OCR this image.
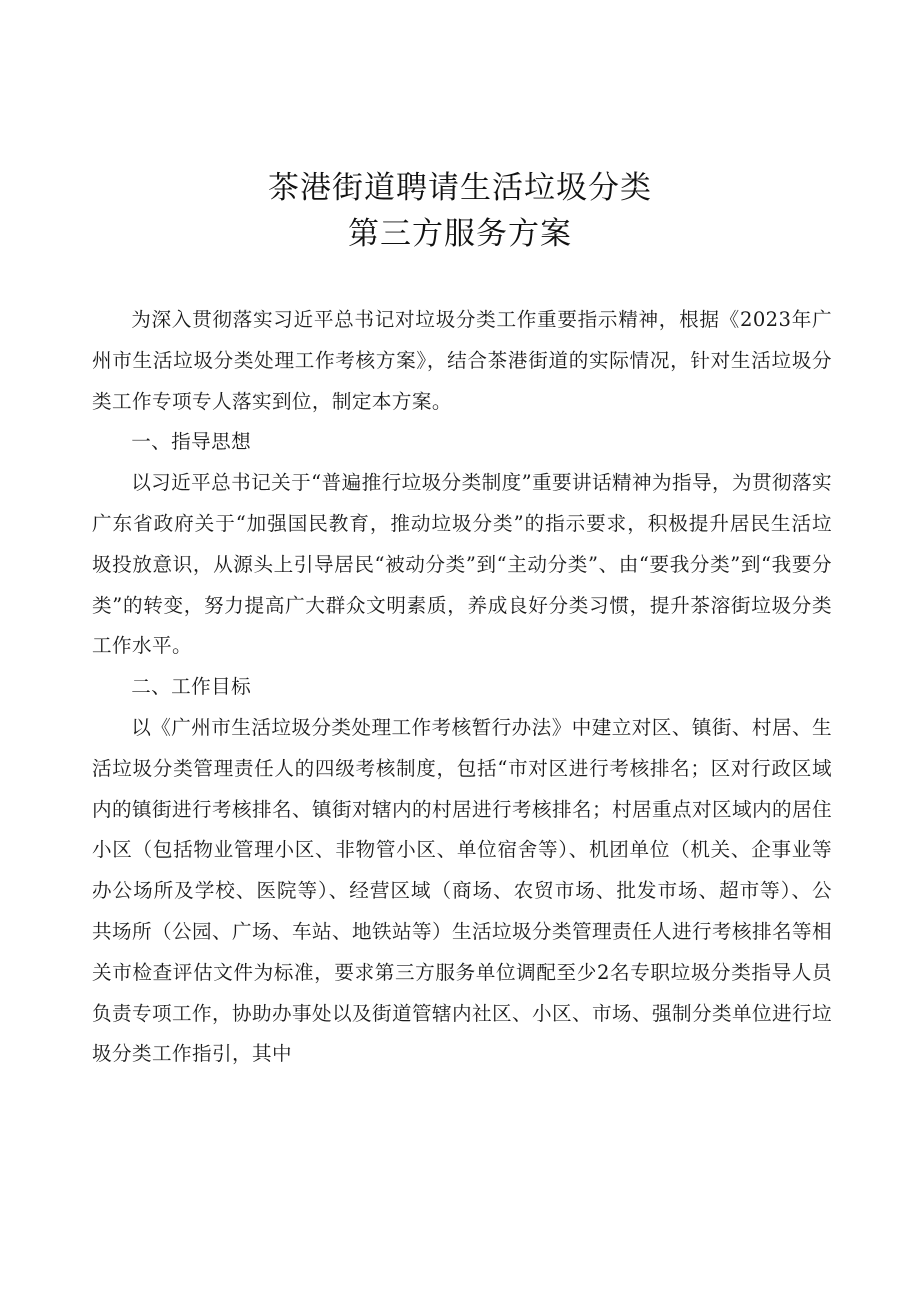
茶港街道聘请生活垃圾分类
第三方服务方案

为深入贯彻落实习近平总书记对垃圾分类工作重要指示精神，根据《2023年广州市生活垃圾分类处理工作考核方案》，结合茶港街道的实际情况，针对生活垃圾分类工作专项专人落实到位，制定本方案。

一、指导思想

以习近平总书记关于“普遍推行垃圾分类制度”重要讲话精神为指导，为贯彻落实广东省政府关于“加强国民教育，推动垃圾分类”的指示要求，积极提升居民生活垃圾投放意识，从源头上引导居民“被动分类”到“主动分类”、由“要我分类”到“我要分类”的转变，努力提高广大群众文明素质，养成良好分类习惯，提升茶溶街垃圾分类工作水平。

二、工作目标

以《广州市生活垃圾分类处理工作考核暂行办法》中建立对区、镇街、村居、生活垃圾分类管理责任人的四级考核制度，包括“市对区进行考核排名；区对行政区域内的镇街进行考核排名、镇街对辖内的村居进行考核排名；村居重点对区域内的居住小区（包括物业管理小区、非物管小区、单位宿舍等）、机团单位（机关、企事业等办公场所及学校、医院等）、经营区域（商场、农贸市场、批发市场、超市等）、公共场所（公园、广场、车站、地铁站等）生活垃圾分类管理责任人进行考核排名等相关市检查评估文件为标准，要求第三方服务单位调配至少2名专职垃圾分类指导人员负责专项工作，协助办事处以及街道管辖内社区、小区、市场、强制分类单位进行垃圾分类工作指引，其中
